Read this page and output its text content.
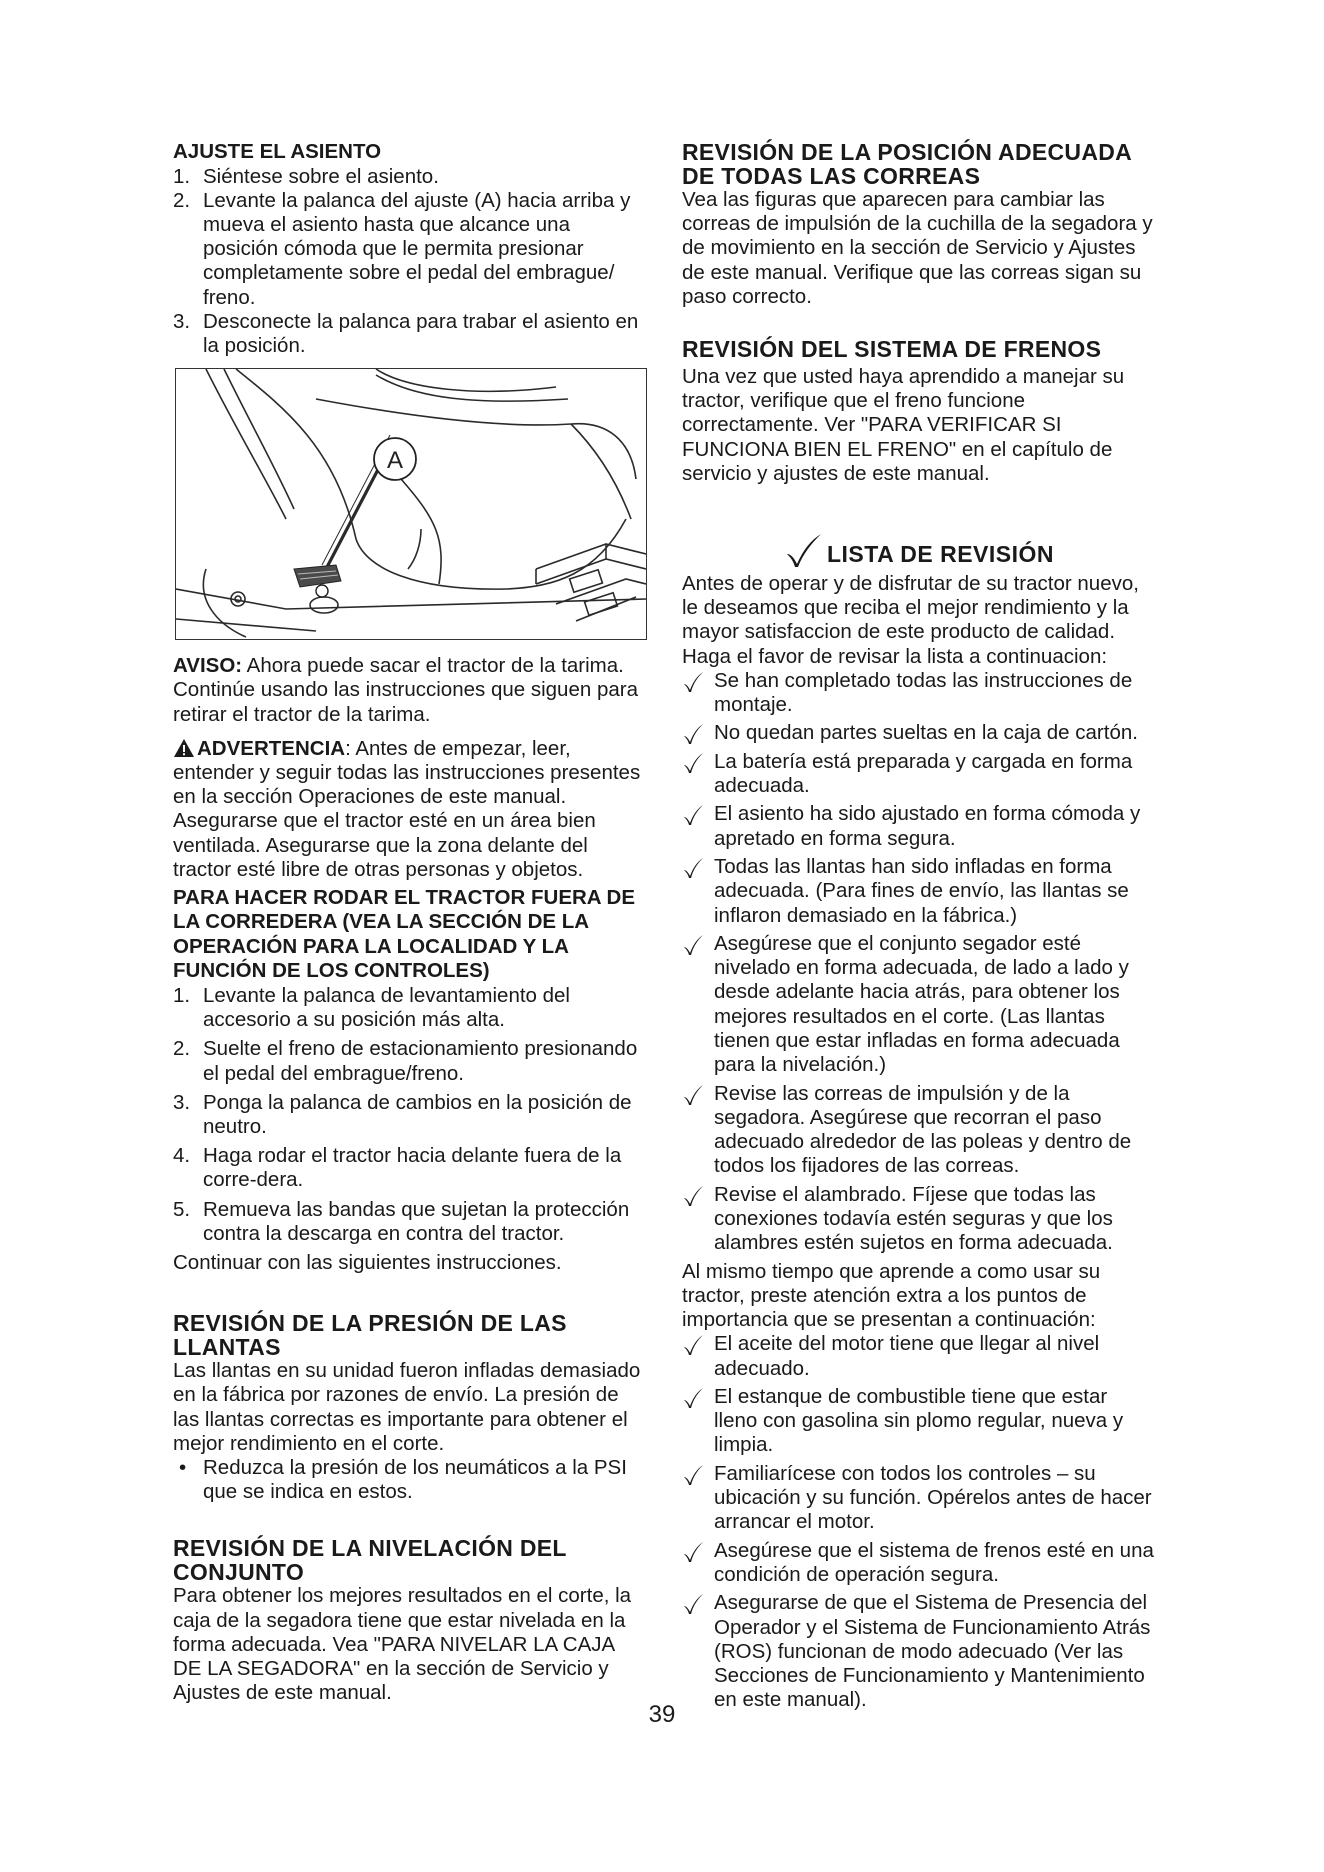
AJUSTE EL ASIENTO

1. Siéntese sobre el asiento.
2. Levante la palanca del ajuste (A) hacia arriba y mueva el asiento hasta que alcance una posición cómoda que le permita presionar completamente sobre el pedal del embrague/ freno.
3. Desconecte la palanca para trabar el asiento en la posición.
A

AVISO: Ahora puede sacar el tractor de la tarima. Continúe usando las instrucciones que siguen para retirar el tractor de la tarima.

ADVERTENCIA: Antes de empezar, leer, entender y seguir todas las instrucciones presentes en la sección Operaciones de este manual. Asegurarse que el tractor esté en un área bien ventilada. Asegurarse que la zona delante del tractor esté libre de otras personas y objetos.

PARA HACER RODAR EL TRACTOR FUERA DE LA CORREDERA (VEA LA SECCIÓN DE LA OPERACIÓN PARA LA LOCALIDAD Y LA FUNCIÓN DE LOS CONTROLES)

1. Levante la palanca de levantamiento del accesorio a su posición más alta.
2. Suelte el freno de estacionamiento presionando el pedal del embrague/freno.
3. Ponga la palanca de cambios en la posición de neutro.
4. Haga rodar el tractor hacia delante fuera de la corre-dera.
5. Remueva las bandas que sujetan la protección contra la descarga en contra del tractor.

Continuar con las siguientes instrucciones.

REVISIÓN DE LA PRESIÓN DE LAS LLANTAS

Las llantas en su unidad fueron infladas demasiado en la fábrica por razones de envío. La presión de las llantas correctas es importante para obtener el mejor rendimiento en el corte.

• Reduzca la presión de los neumáticos a la PSI que se indica en estos.
REVISIÓN DE LA NIVELACIÓN DEL CONJUNTO

Para obtener los mejores resultados en el corte, la caja de la segadora tiene que estar nivelada en la forma adecuada. Vea "PARA NIVELAR LA CAJA DE LA SEGADORA" en la sección de Servicio y Ajustes de este manual.

REVISIÓN DE LA POSICIÓN ADECUADA DE TODAS LAS CORREAS

Vea las figuras que aparecen para cambiar las correas de impulsión de la cuchilla de la segadora y de movimiento en la sección de Servicio y Ajustes de este manual. Verifique que las correas sigan su paso correcto.

REVISIÓN DEL SISTEMA DE FRENOS

Una vez que usted haya aprendido a manejar su tractor, verifique que el freno funcione correctamente. Ver "PARA VERIFICAR SI FUNCIONA BIEN EL FRENO" en el capítulo de servicio y ajustes de este manual.

LISTA DE REVISIÓN

Antes de operar y de disfrutar de su tractor nuevo, le deseamos que reciba el mejor rendimiento y la mayor satisfaccion de este producto de calidad. Haga el favor de revisar la lista a continuacion:

Se han completado todas las instrucciones de montaje.
No quedan partes sueltas en la caja de cartón.
La batería está preparada y cargada en forma adecuada.
El asiento ha sido ajustado en forma cómoda y apretado en forma segura.
Todas las llantas han sido infladas en forma adecuada. (Para fines de envío, las llantas se inflaron demasiado en la fábrica.)
Asegúrese que el conjunto segador esté nivelado en forma adecuada, de lado a lado y desde adelante hacia atrás, para obtener los mejores resultados en el corte. (Las llantas tienen que estar infladas en forma adecuada para la nivelación.)
Revise las correas de impulsión y de la segadora. Asegúrese que recorran el paso adecuado alrededor de las poleas y dentro de todos los fijadores de las correas.
Revise el alambrado. Fíjese que todas las conexiones todavía estén seguras y que los alambres estén sujetos en forma adecuada.

Al mismo tiempo que aprende a como usar su tractor, preste atención extra a los puntos de importancia que se presentan a continuación:

El aceite del motor tiene que llegar al nivel adecuado.
El estanque de combustible tiene que estar lleno con gasolina sin plomo regular, nueva y limpia.
Familiarícese con todos los controles – su ubicación y su función. Opérelos antes de hacer arrancar el motor.
Asegúrese que el sistema de frenos esté en una condición de operación segura.
Asegurarse de que el Sistema de Presencia del Operador y el Sistema de Funcionamiento Atrás (ROS) funcionan de modo adecuado (Ver las Secciones de Funcionamiento y Mantenimiento en este manual).
39
